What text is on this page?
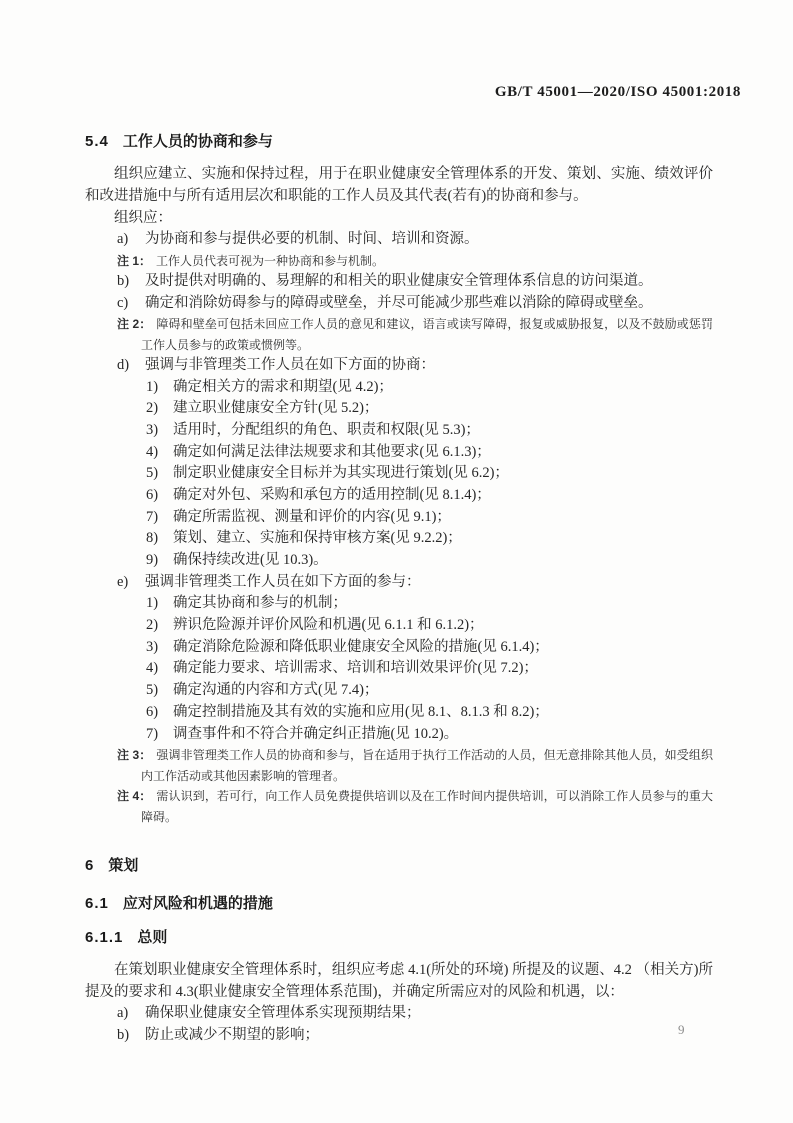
GB/T 45001—2020/ISO 45001:2018
5.4 工作人员的协商和参与

组织应建立、实施和保持过程，用于在职业健康安全管理体系的开发、策划、实施、绩效评价和改进措施中与所有适用层次和职能的工作人员及其代表(若有)的协商和参与。

组织应：

a) 为协商和参与提供必要的机制、时间、培训和资源。
注 1： 工作人员代表可视为一种协商和参与机制。
b) 及时提供对明确的、易理解的和相关的职业健康安全管理体系信息的访问渠道。
c) 确定和消除妨碍参与的障碍或壁垒，并尽可能减少那些难以消除的障碍或壁垒。
注 2： 障碍和壁垒可包括未回应工作人员的意见和建议，语言或读写障碍，报复或威胁报复，以及不鼓励或惩罚工作人员参与的政策或惯例等。
d) 强调与非管理类工作人员在如下方面的协商：
1) 确定相关方的需求和期望(见 4.2)；
2) 建立职业健康安全方针(见 5.2)；
3) 适用时，分配组织的角色、职责和权限(见 5.3)；
4) 确定如何满足法律法规要求和其他要求(见 6.1.3)；
5) 制定职业健康安全目标并为其实现进行策划(见 6.2)；
6) 确定对外包、采购和承包方的适用控制(见 8.1.4)；
7) 确定所需监视、测量和评价的内容(见 9.1)；
8) 策划、建立、实施和保持审核方案(见 9.2.2)；
9) 确保持续改进(见 10.3)。
e) 强调非管理类工作人员在如下方面的参与：
1) 确定其协商和参与的机制；
2) 辨识危险源并评价风险和机遇(见 6.1.1 和 6.1.2)；
3) 确定消除危险源和降低职业健康安全风险的措施(见 6.1.4)；
4) 确定能力要求、培训需求、培训和培训效果评价(见 7.2)；
5) 确定沟通的内容和方式(见 7.4)；
6) 确定控制措施及其有效的实施和应用(见 8.1、8.1.3 和 8.2)；
7) 调查事件和不符合并确定纠正措施(见 10.2)。
注 3： 强调非管理类工作人员的协商和参与，旨在适用于执行工作活动的人员，但无意排除其他人员，如受组织内工作活动或其他因素影响的管理者。
注 4： 需认识到，若可行，向工作人员免费提供培训以及在工作时间内提供培训，可以消除工作人员参与的重大障碍。
6 策划
6.1 应对风险和机遇的措施
6.1.1 总则

在策划职业健康安全管理体系时，组织应考虑 4.1(所处的环境) 所提及的议题、4.2 （相关方)所提及的要求和 4.3(职业健康安全管理体系范围)，并确定所需应对的风险和机遇，以：

a) 确保职业健康安全管理体系实现预期结果；
b) 防止或减少不期望的影响；	9
